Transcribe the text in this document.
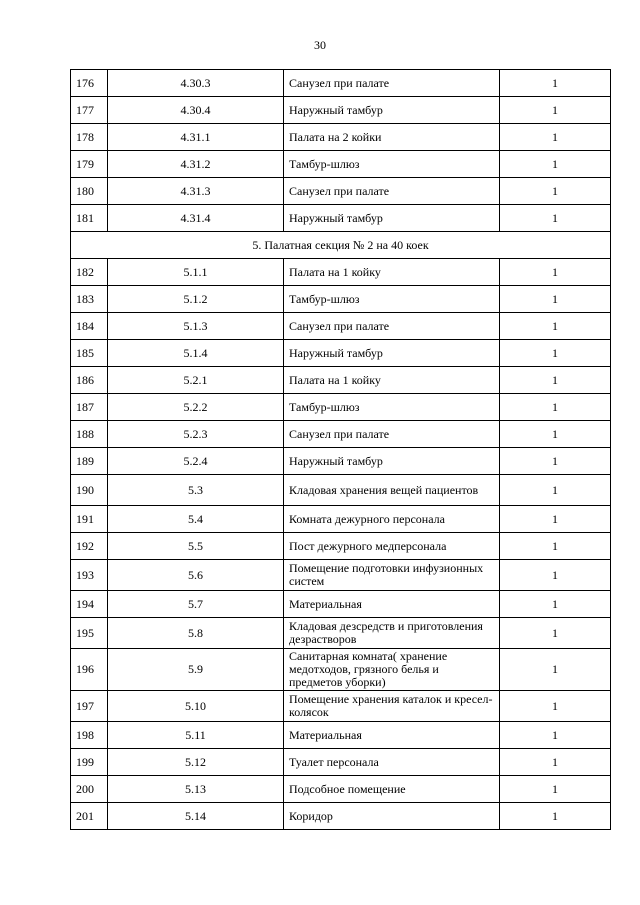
30
176	4.30.3	Санузел при палате	1
177	4.30.4	Наружный тамбур	1
178	4.31.1	Палата на 2 койки	1
179	4.31.2	Тамбур-шлюз	1
180	4.31.3	Санузел при палате	1
181	4.31.4	Наружный тамбур	1
5. Палатная секция № 2 на 40 коек			
182	5.1.1	Палата на 1 койку	1
183	5.1.2	Тамбур-шлюз	1
184	5.1.3	Санузел при палате	1
185	5.1.4	Наружный тамбур	1
186	5.2.1	Палата на 1 койку	1
187	5.2.2	Тамбур-шлюз	1
188	5.2.3	Санузел при палате	1
189	5.2.4	Наружный тамбур	1
190	5.3	Кладовая хранения вещей пациентов	1
191	5.4	Комната дежурного персонала	1
192	5.5	Пост дежурного медперсонала	1
193	5.6	Помещение подготовки инфузионных систем	1
194	5.7	Материальная	1
195	5.8	Кладовая дезсредств и приготовления дезрастворов	1
196	5.9	Санитарная комната( хранение медотходов, грязного белья и предметов уборки)	1
197	5.10	Помещение хранения каталок и кресел-колясок	1
198	5.11	Материальная	1
199	5.12	Туалет персонала	1
200	5.13	Подсобное помещение	1
201	5.14	Коридор	1
